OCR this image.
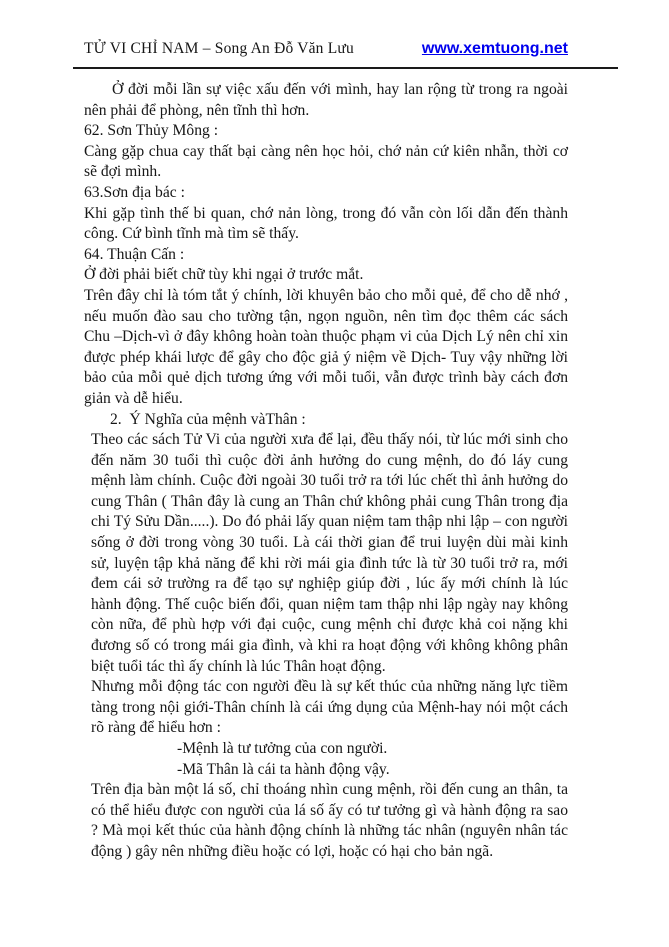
TỬ VI CHỈ NAM – Song An Đỗ Văn Lưu	www.xemtuong.net

Ở đời mỗi lần sự việc xấu đến với mình, hay lan rộng từ trong ra ngoài nên phải để phòng, nên tĩnh thì hơn.

62. Sơn Thủy Mông :

Càng gặp chua cay thất bại càng nên học hỏi, chớ nản cứ kiên nhẫn, thời cơ sẽ đợi mình.

63.Sơn địa bác :

Khi gặp tình thế bi quan, chớ nản lòng, trong đó vẫn còn lối dẫn đến thành công. Cứ bình tĩnh mà tìm sẽ thấy.

64. Thuận Cấn :

Ở đời phải biết chữ tùy khi ngại ở trước mắt.

Trên đây chỉ là tóm tắt ý chính, lời khuyên bảo cho mỗi quẻ, để cho dễ nhớ , nếu muốn đào sau cho tường tận, ngọn nguồn, nên tìm đọc thêm các sách Chu –Dịch-vì ở đây không hoàn toàn thuộc phạm vi của Dịch Lý nên chỉ xin được phép khái lược để gây cho độc giả ý niệm về Dịch- Tuy vậy những lời bảo của mỗi quẻ dịch tương ứng với mỗi tuổi, vẫn được trình bày cách đơn giản và dễ hiểu.

2.  Ý Nghĩa của mệnh vàThân :

Theo các sách Tử Vi của người xưa để lại, đều thấy nói, từ lúc mới sinh cho đến năm 30 tuổi thì cuộc đời ảnh hưởng do cung mệnh, do đó láy cung mệnh làm chính. Cuộc đời ngoài 30 tuổi trở ra tới lúc chết thì ảnh hưởng do cung Thân ( Thân đây là cung an Thân chứ không phải cung Thân trong địa chi Tý Sửu Dần.....). Do đó phải lấy quan niệm tam thập nhi lập – con người sống ở đời trong vòng 30 tuổi. Là cái thời gian để trui luyện dùi mài kinh sử, luyện tập khả năng để khi rời mái gia đình tức là từ 30 tuổi trở ra, mới đem cái sở trường ra để tạo sự nghiệp giúp đời , lúc ấy mới chính là lúc hành động. Thế cuộc biến đổi, quan niệm tam thập nhi lập ngày nay không còn nữa, để phù hợp với đại cuộc, cung mệnh chỉ được khả coi nặng khi đương số có trong mái gia đình, và khi ra hoạt động với không không phân biệt tuổi tác thì ấy chính là lúc Thân hoạt động.

Nhưng mỗi động tác con người đều là sự kết thúc của những năng lực tiềm tàng trong nội giới-Thân chính là cái ứng dụng của Mệnh-hay nói một cách rõ ràng để hiểu hơn :

-Mệnh là tư tưởng của con người.

-Mã Thân là cái ta hành động vậy.

Trên địa bàn một lá số, chỉ thoáng nhìn cung mệnh, rồi đến cung an thân, ta có thể hiểu được con người của lá số ấy có tư tưởng gì và hành động ra sao ? Mà mọi kết thúc của hành động chính là những tác nhân (nguyên nhân tác động ) gây nên những điều hoặc có lợi, hoặc có hại cho bản ngã.
